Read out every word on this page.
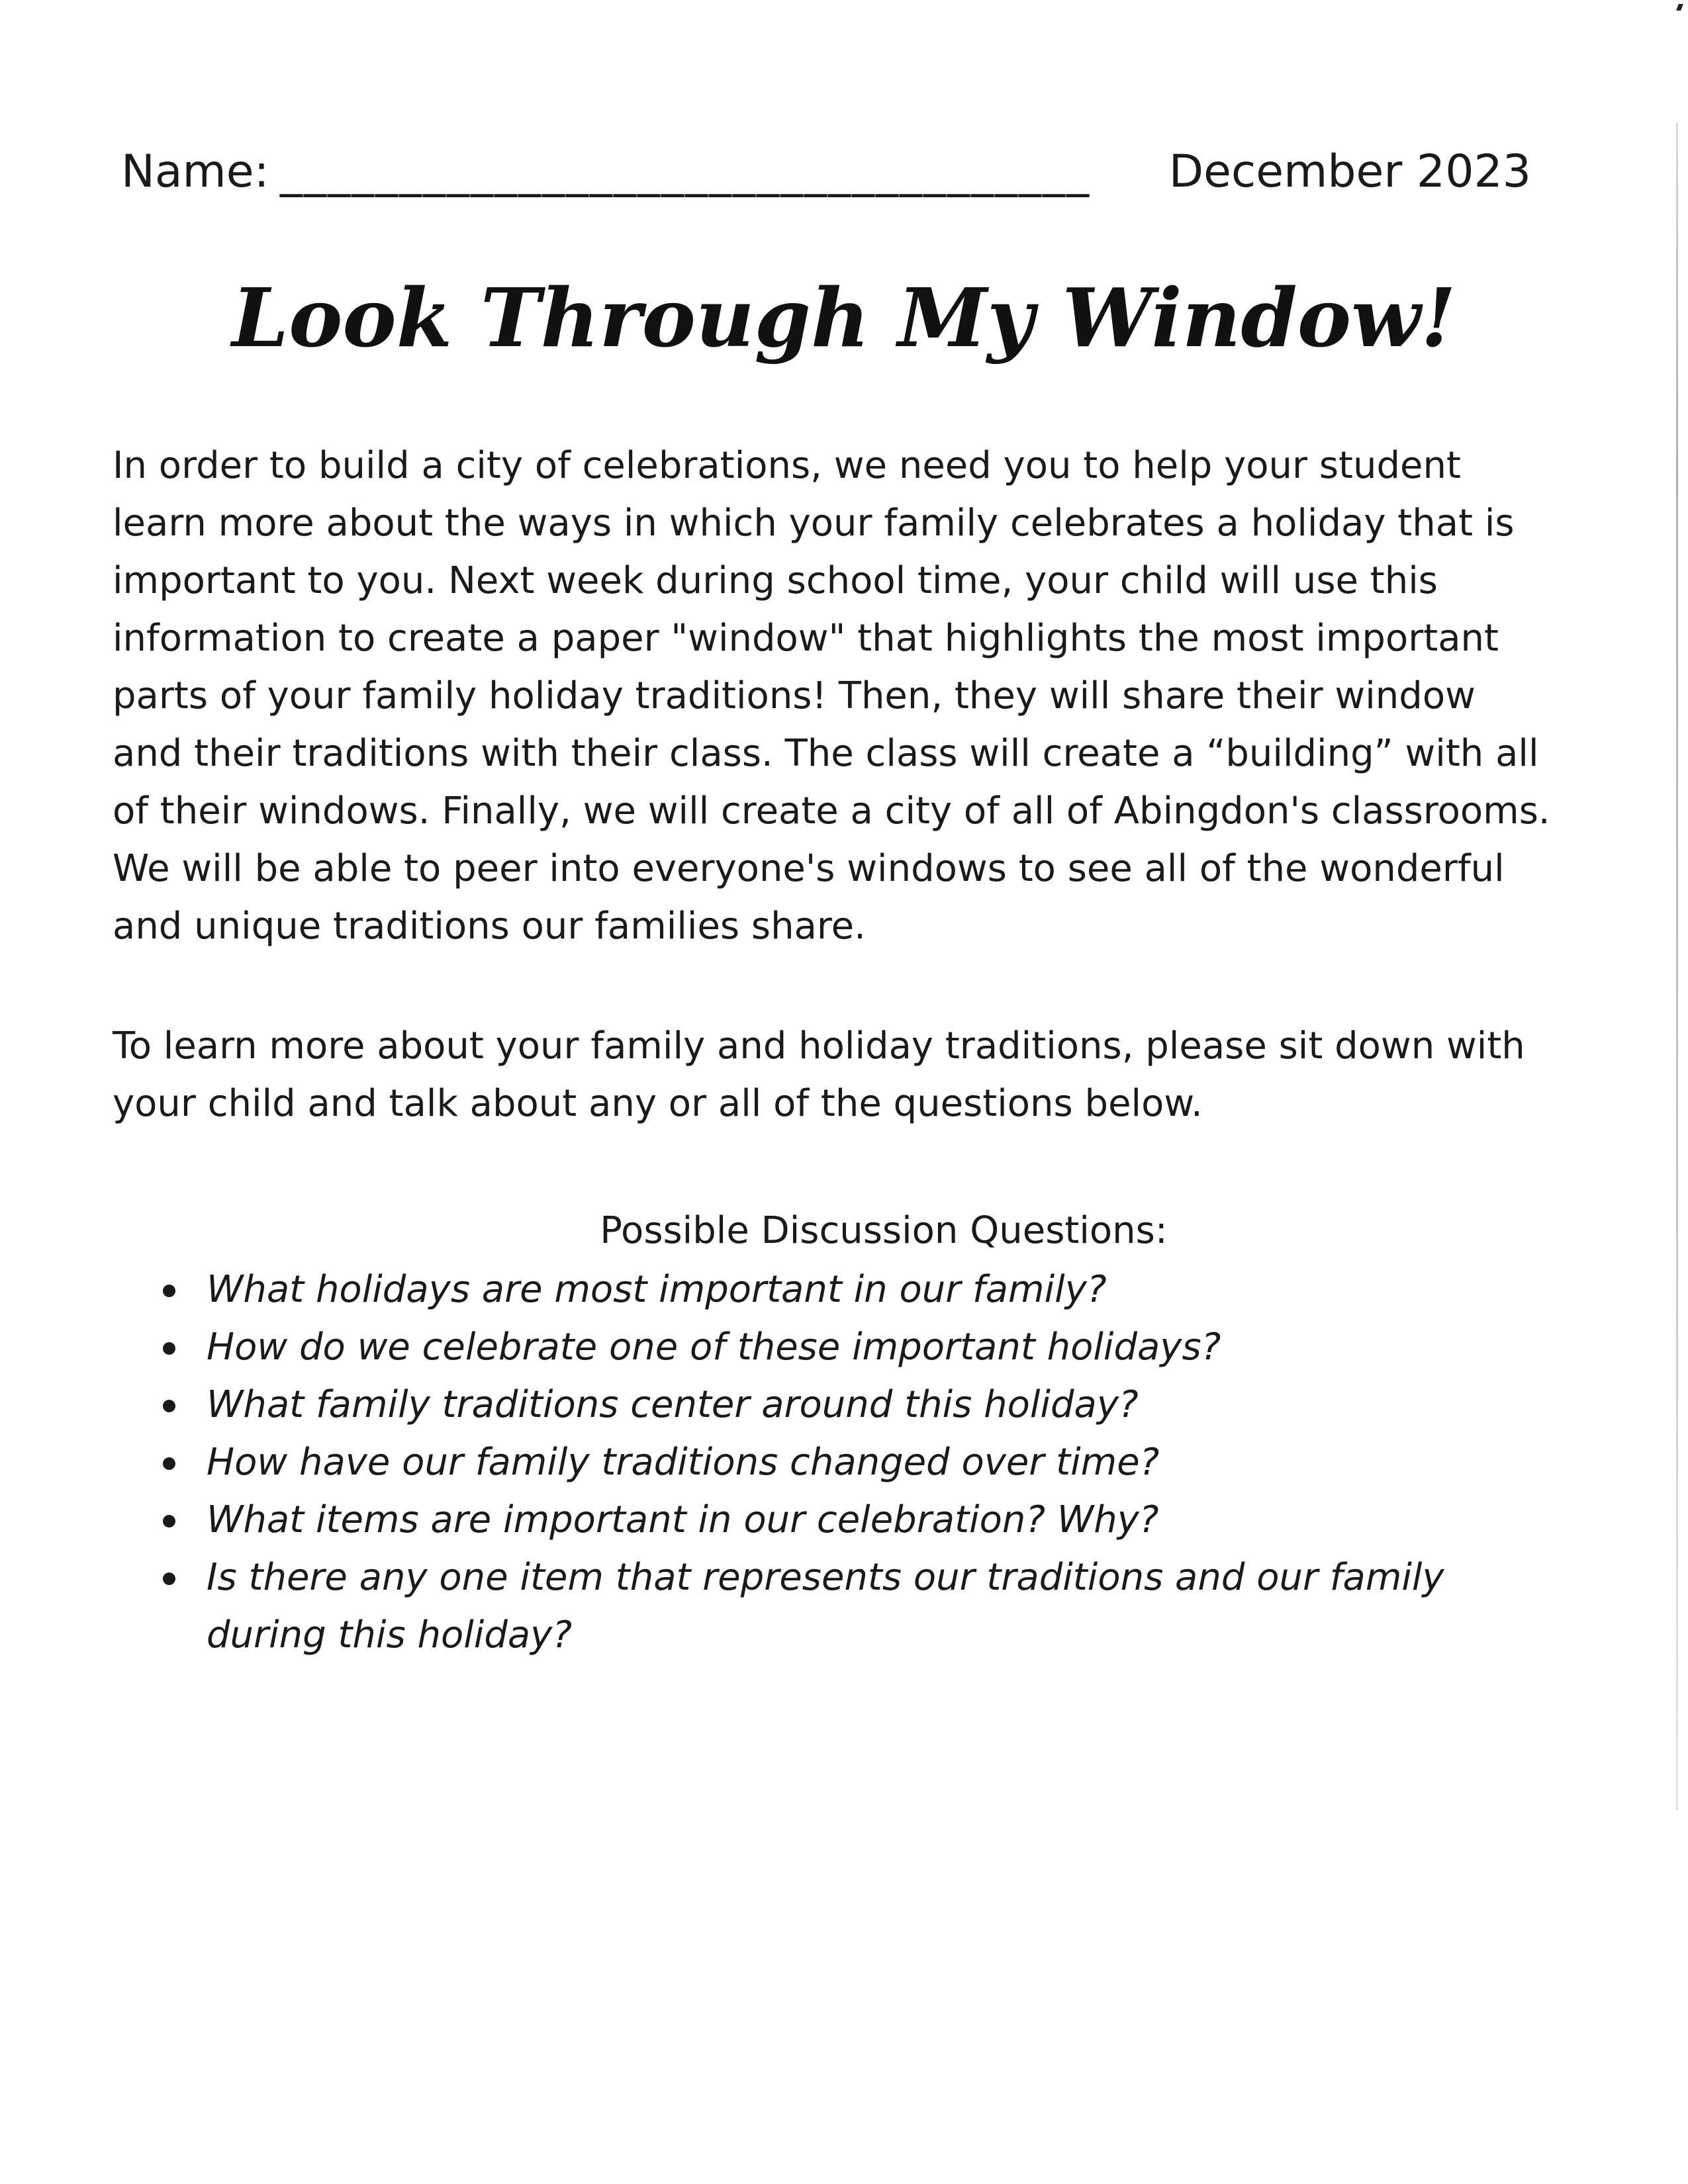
Name: __________________________________ December 2023
Look Through My Window!

In order to build a city of celebrations, we need you to help your student learn more about the ways in which your family celebrates a holiday that is important to you. Next week during school time, your child will use this information to create a paper "window" that highlights the most important parts of your family holiday traditions! Then, they will share their window and their traditions with their class. The class will create a “building” with all of their windows. Finally, we will create a city of all of Abingdon's classrooms. We will be able to peer into everyone's windows to see all of the wonderful and unique traditions our families share.

To learn more about your family and holiday traditions, please sit down with your child and talk about any or all of the questions below.

Possible Discussion Questions:
What holidays are most important in our family?
How do we celebrate one of these important holidays?
What family traditions center around this holiday?
How have our family traditions changed over time?
What items are important in our celebration? Why?
Is there any one item that represents our traditions and our family during this holiday?
